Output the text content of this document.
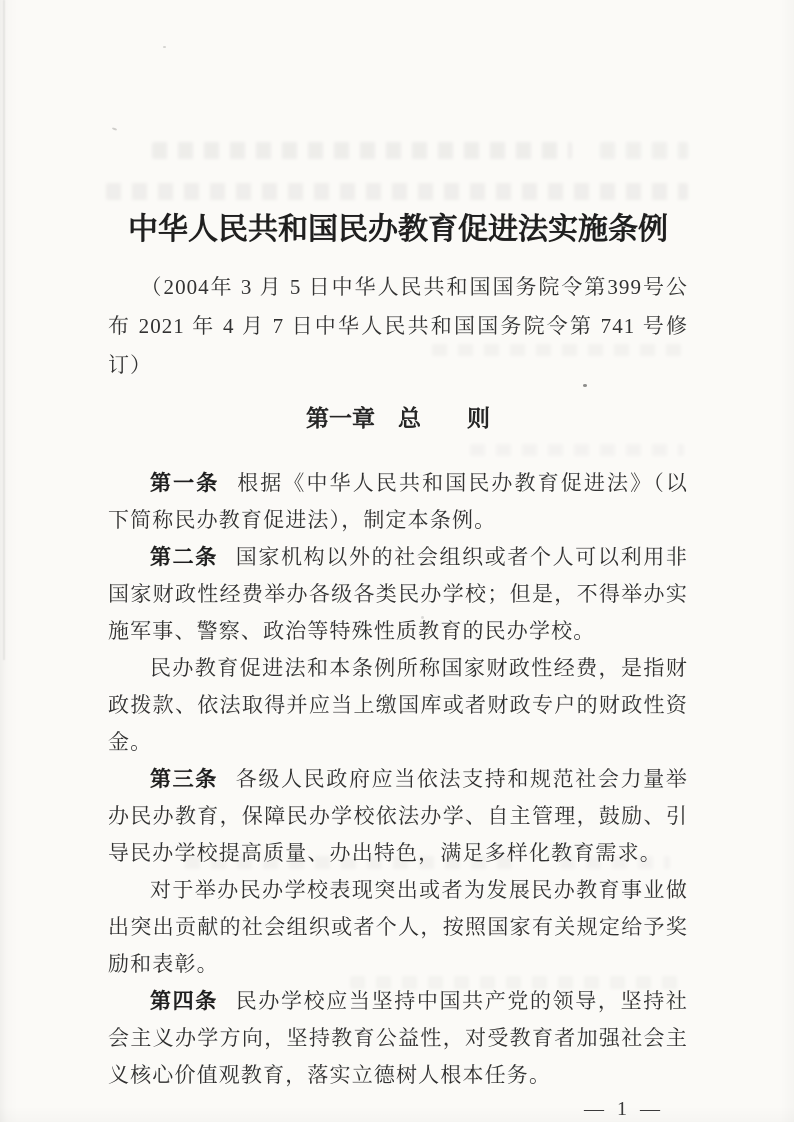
中华人民共和国民办教育促进法实施条例
（2004年 3 月 5 日中华人民共和国国务院令第399号公布 2021 年 4 月 7 日中华人民共和国国务院令第 741 号修订）
第一章　总　　则

第一条 根据《中华人民共和国民办教育促进法》（以下简称民办教育促进法），制定本条例。

第二条 国家机构以外的社会组织或者个人可以利用非国家财政性经费举办各级各类民办学校；但是，不得举办实施军事、警察、政治等特殊性质教育的民办学校。

民办教育促进法和本条例所称国家财政性经费，是指财政拨款、依法取得并应当上缴国库或者财政专户的财政性资金。

第三条 各级人民政府应当依法支持和规范社会力量举办民办教育，保障民办学校依法办学、自主管理，鼓励、引导民办学校提高质量、办出特色，满足多样化教育需求。

对于举办民办学校表现突出或者为发展民办教育事业做出突出贡献的社会组织或者个人，按照国家有关规定给予奖励和表彰。

第四条 民办学校应当坚持中国共产党的领导，坚持社会主义办学方向，坚持教育公益性，对受教育者加强社会主义核心价值观教育，落实立德树人根本任务。

— 1 —
